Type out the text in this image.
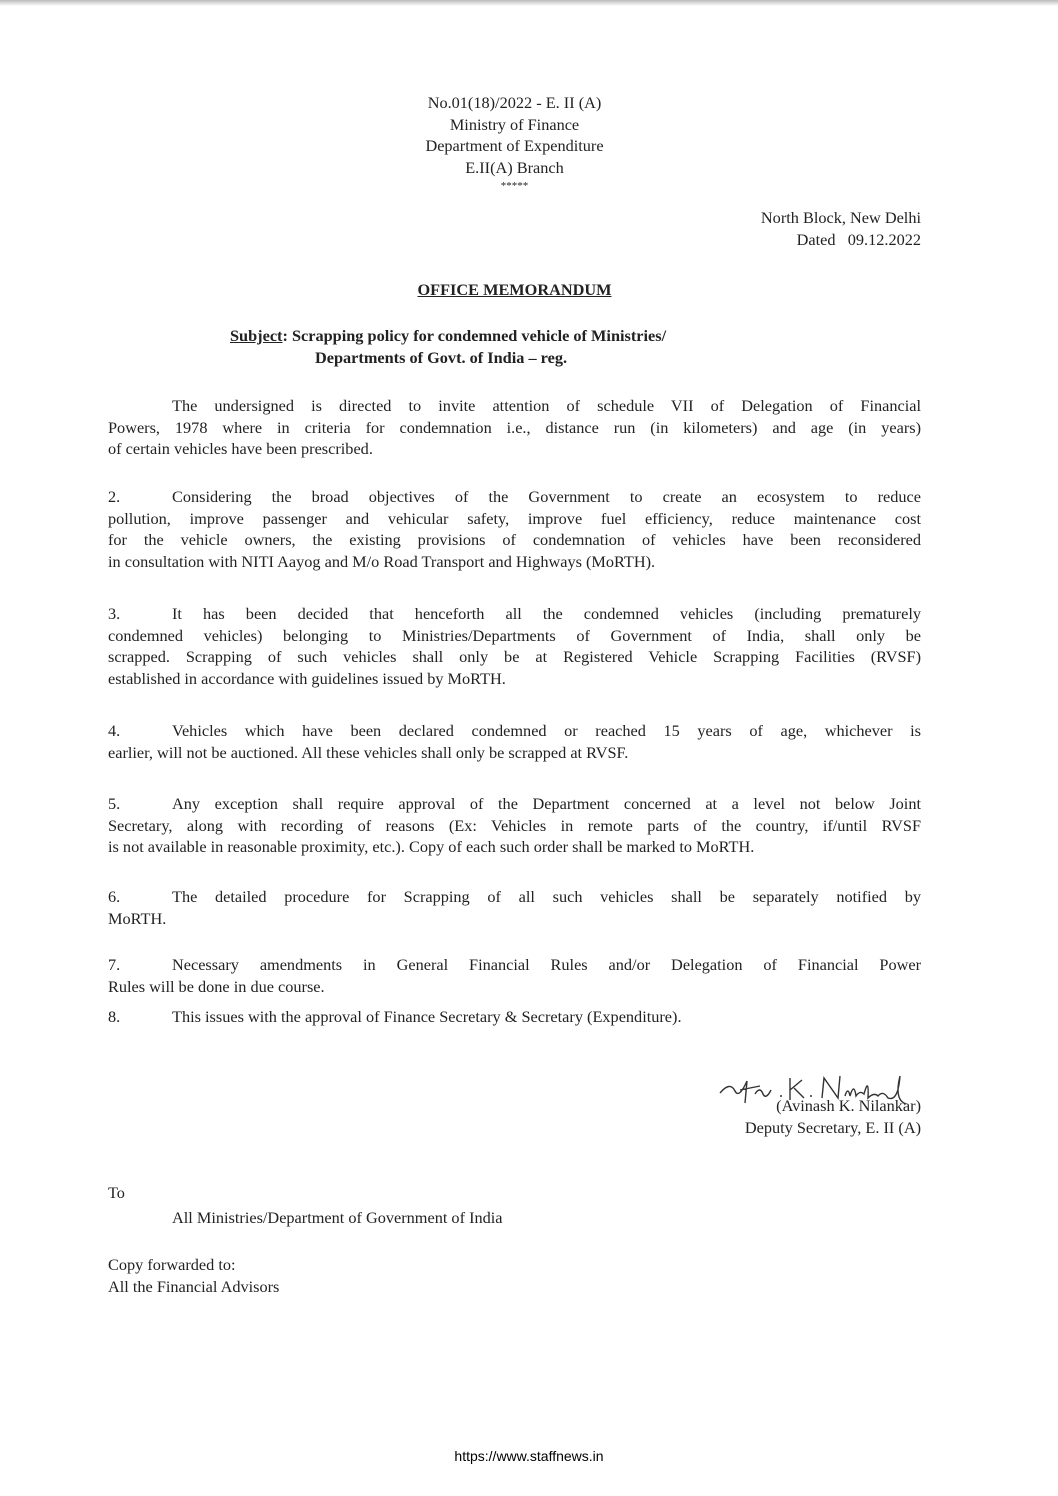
No.01(18)/2022 - E. II (A)
Ministry of Finance
Department of Expenditure
E.II(A) Branch
*****
North Block, New Delhi
Dated 09.12.2022
OFFICE MEMORANDUM
Subject: Scrapping policy for condemned vehicle of Ministries/
Departments of Govt. of India – reg.
The undersigned is directed to invite attention of schedule VII of Delegation of Financial
Powers, 1978 where in criteria for condemnation i.e., distance run (in kilometers) and age (in years)
of certain vehicles have been prescribed.
2.	Considering the broad objectives of the Government to create an ecosystem to reduce
pollution, improve passenger and vehicular safety, improve fuel efficiency, reduce maintenance cost
for the vehicle owners, the existing provisions of condemnation of vehicles have been reconsidered
in consultation with NITI Aayog and M/o Road Transport and Highways (MoRTH).
3.	It has been decided that henceforth all the condemned vehicles (including prematurely
condemned vehicles) belonging to Ministries/Departments of Government of India, shall only be
scrapped. Scrapping of such vehicles shall only be at Registered Vehicle Scrapping Facilities (RVSF)
established in accordance with guidelines issued by MoRTH.
4.	Vehicles which have been declared condemned or reached 15 years of age, whichever is
earlier, will not be auctioned. All these vehicles shall only be scrapped at RVSF.
5.	Any exception shall require approval of the Department concerned at a level not below Joint
Secretary, along with recording of reasons (Ex: Vehicles in remote parts of the country, if/until RVSF
is not available in reasonable proximity, etc.). Copy of each such order shall be marked to MoRTH.
6.	The detailed procedure for Scrapping of all such vehicles shall be separately notified by
MoRTH.
7.	Necessary amendments in General Financial Rules and/or Delegation of Financial Power
Rules will be done in due course.
8.	This issues with the approval of Finance Secretary & Secretary (Expenditure).
(Avinash K. Nilankar)
Deputy Secretary, E. II (A)
To
All Ministries/Department of Government of India
Copy forwarded to:
All the Financial Advisors
https://www.staffnews.in
